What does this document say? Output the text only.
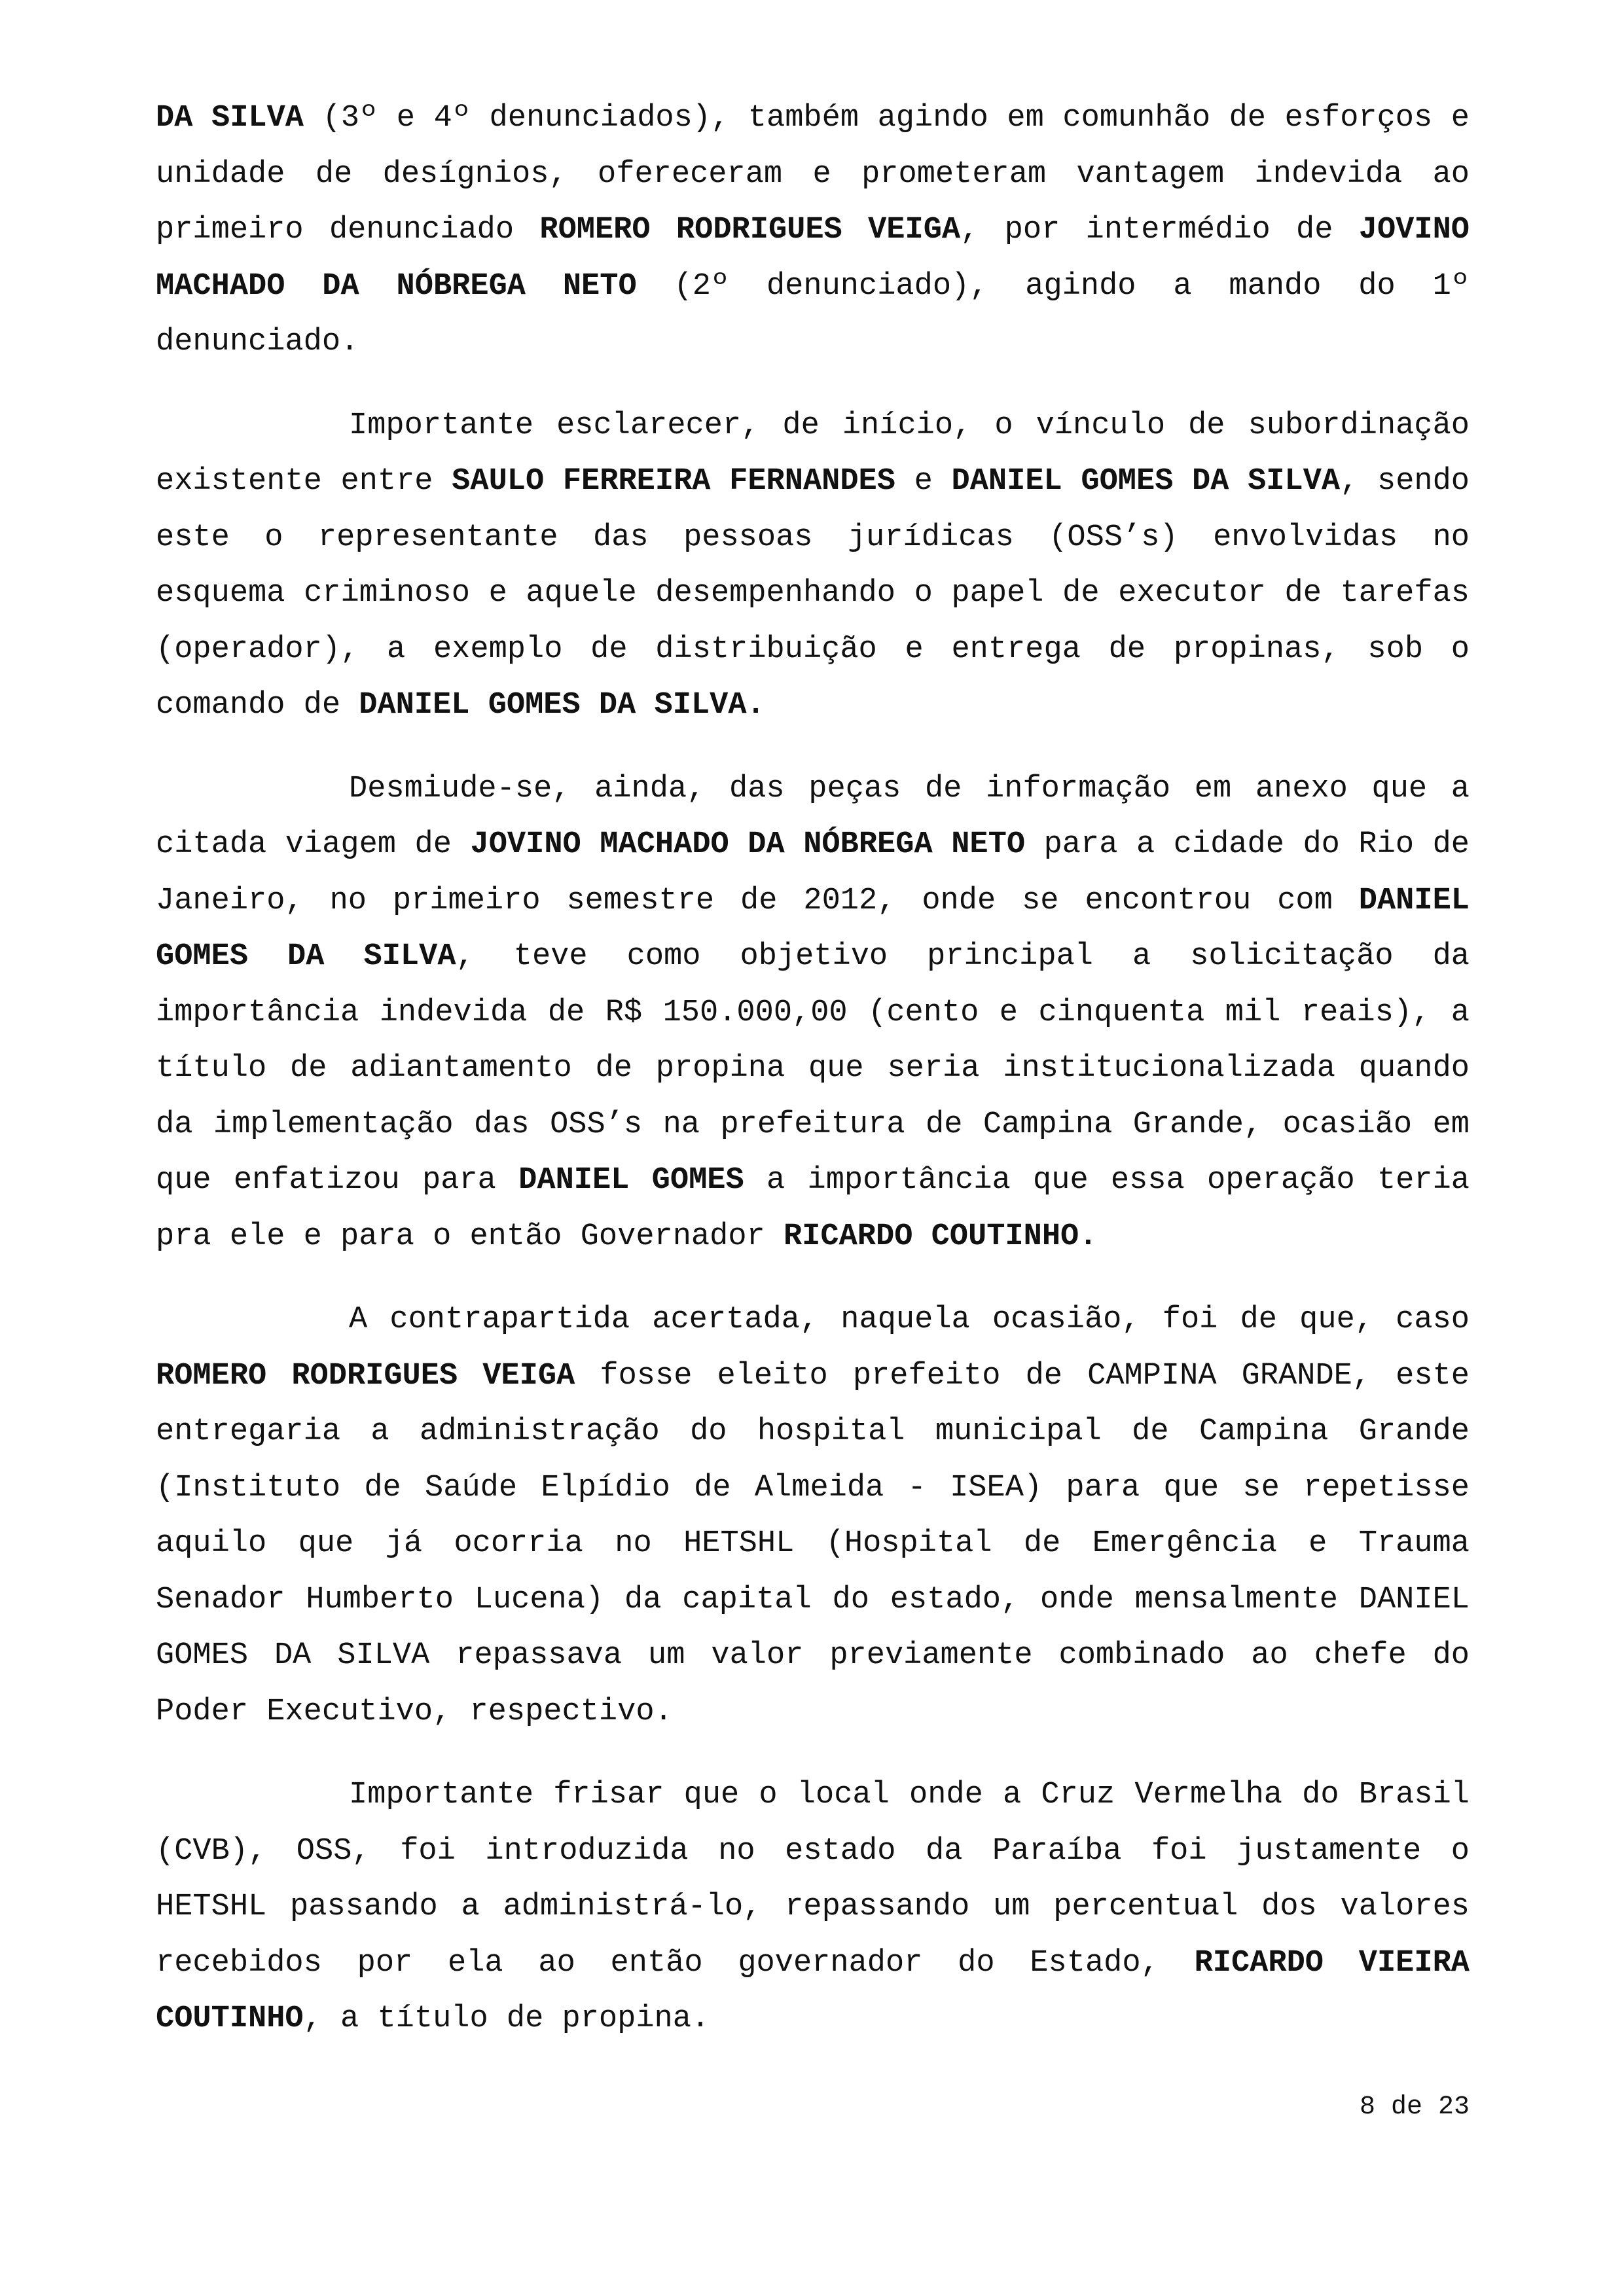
DA SILVA (3º e 4º denunciados), também agindo em comunhão de esforços e unidade de desígnios, ofereceram e prometeram vantagem indevida ao primeiro denunciado ROMERO RODRIGUES VEIGA, por intermédio de JOVINO MACHADO DA NÓBREGA NETO (2º denunciado), agindo a mando do 1º denunciado.

Importante esclarecer, de início, o vínculo de subordinação existente entre SAULO FERREIRA FERNANDES e DANIEL GOMES DA SILVA, sendo este o representante das pessoas jurídicas (OSS’s) envolvidas no esquema criminoso e aquele desempenhando o papel de executor de tarefas (operador), a exemplo de distribuição e entrega de propinas, sob o comando de DANIEL GOMES DA SILVA.

Desmiude-se, ainda, das peças de informação em anexo que a citada viagem de JOVINO MACHADO DA NÓBREGA NETO para a cidade do Rio de Janeiro, no primeiro semestre de 2012, onde se encontrou com DANIEL GOMES DA SILVA, teve como objetivo principal a solicitação da importância indevida de R$ 150.000,00 (cento e cinquenta mil reais), a título de adiantamento de propina que seria institucionalizada quando da implementação das OSS’s na prefeitura de Campina Grande, ocasião em que enfatizou para DANIEL GOMES a importância que essa operação teria pra ele e para o então Governador RICARDO COUTINHO.

A contrapartida acertada, naquela ocasião, foi de que, caso ROMERO RODRIGUES VEIGA fosse eleito prefeito de CAMPINA GRANDE, este entregaria a administração do hospital municipal de Campina Grande (Instituto de Saúde Elpídio de Almeida - ISEA) para que se repetisse aquilo que já ocorria no HETSHL (Hospital de Emergência e Trauma Senador Humberto Lucena) da capital do estado, onde mensalmente DANIEL GOMES DA SILVA repassava um valor previamente combinado ao chefe do Poder Executivo, respectivo.

Importante frisar que o local onde a Cruz Vermelha do Brasil (CVB), OSS, foi introduzida no estado da Paraíba foi justamente o HETSHL passando a administrá-lo, repassando um percentual dos valores recebidos por ela ao então governador do Estado, RICARDO VIEIRA COUTINHO, a título de propina.

8 de 23
